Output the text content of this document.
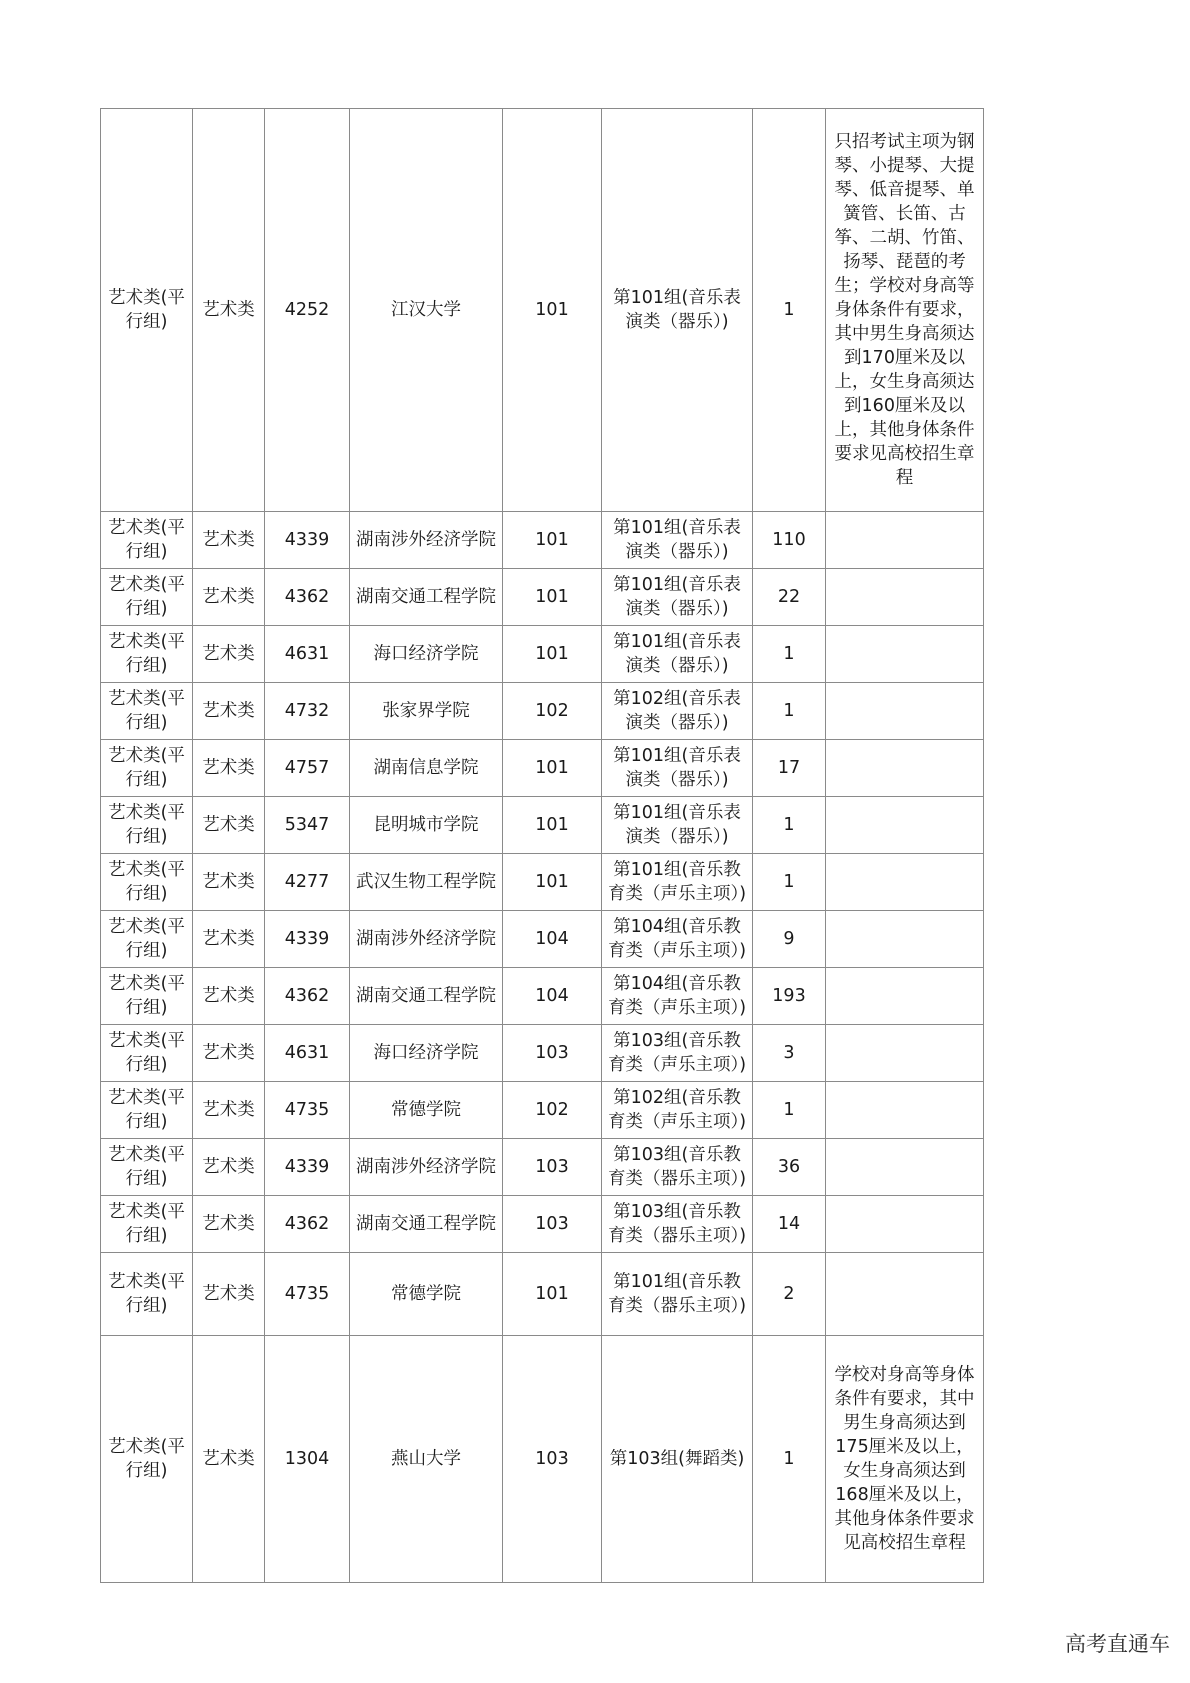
艺术类(平行组)	艺术类	4252	江汉大学	101	第101组(音乐表演类（器乐）)	1	只招考试主项为钢琴、小提琴、大提琴、低音提琴、单簧管、长笛、古筝、二胡、竹笛、扬琴、琵琶的考生；学校对身高等身体条件有要求，其中男生身高须达到170厘米及以上，女生身高须达到160厘米及以上，其他身体条件要求见高校招生章程

艺术类(平行组)	艺术类	4339	湖南涉外经济学院	101	第101组(音乐表演类（器乐）)	110	

艺术类(平行组)	艺术类	4362	湖南交通工程学院	101	第101组(音乐表演类（器乐）)	22	

艺术类(平行组)	艺术类	4631	海口经济学院	101	第101组(音乐表演类（器乐）)	1	

艺术类(平行组)	艺术类	4732	张家界学院	102	第102组(音乐表演类（器乐）)	1	

艺术类(平行组)	艺术类	4757	湖南信息学院	101	第101组(音乐表演类（器乐）)	17	

艺术类(平行组)	艺术类	5347	昆明城市学院	101	第101组(音乐表演类（器乐）)	1	

艺术类(平行组)	艺术类	4277	武汉生物工程学院	101	第101组(音乐教育类（声乐主项）)	1	

艺术类(平行组)	艺术类	4339	湖南涉外经济学院	104	第104组(音乐教育类（声乐主项）)	9	

艺术类(平行组)	艺术类	4362	湖南交通工程学院	104	第104组(音乐教育类（声乐主项）)	193	

艺术类(平行组)	艺术类	4631	海口经济学院	103	第103组(音乐教育类（声乐主项）)	3	

艺术类(平行组)	艺术类	4735	常德学院	102	第102组(音乐教育类（声乐主项）)	1	

艺术类(平行组)	艺术类	4339	湖南涉外经济学院	103	第103组(音乐教育类（器乐主项）)	36	

艺术类(平行组)	艺术类	4362	湖南交通工程学院	103	第103组(音乐教育类（器乐主项）)	14	

艺术类(平行组)	艺术类	4735	常德学院	101	第101组(音乐教育类（器乐主项）)	2	

艺术类(平行组)	艺术类	1304	燕山大学	103	第103组(舞蹈类)	1	学校对身高等身体条件有要求，其中男生身高须达到175厘米及以上，女生身高须达到168厘米及以上，其他身体条件要求见高校招生章程
高考直通车
